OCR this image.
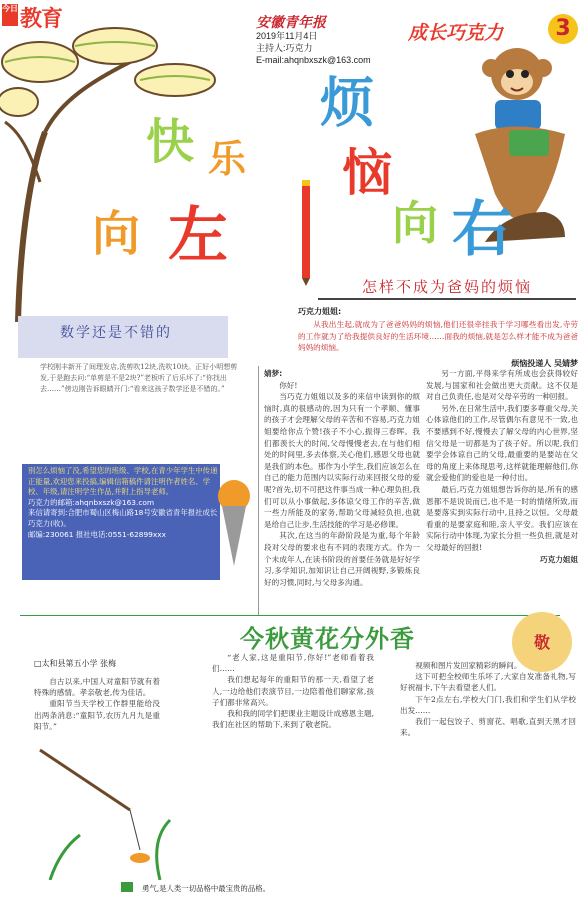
今日 教育	安徽青年报
2019年11月4日
主持人:巧克力
E-mail:ahqnbxszk@163.com
成长巧克力	3
快 乐
向 左
烦
恼
向 右
怎样不成为爸妈的烦恼
巧克力姐姐:

从我出生起,就成为了爸爸妈妈的烦恼,他们还很牵挂我于学习哪些看出发,寺劳的工作就为了给我提供良好的生活环境……面我的烦恼,就是怎么样才能不成为爸爸妈妈的烦恼。

烦恼投递人 吴婧梦
婧梦:

你好!

当巧克力姐姐以及多的来信中读到你的烦恼时,真的很感动的,因为只有一个孝顺、懂事的孩子才会理解父母的辛苦和不容易,巧克力姐姐要给你点个赞!孩子不小心,振得三春晖。我们都羡长大的时间,父母慢慢老去,在与他们相处的时间里,多去体察,关心他们,感恩父母也就是我们的本色。那作为小学生,我们应该怎么在自己的能力范围内以实际行动来回报父母的爱呢?首先,切不可把这件事当成一种心理负担,我们可以从小事做起,多体谅父母工作的辛苦,做一些力所能及的家务,帮助父母减轻负担,也就是给自己让步,生活技能的学习是必修课。

其次,在这当的年龄阶段是为重,每个年龄段对父母的要求也有不同的表现方式。作为一个未成年人,在读书阶段的首要任务就是好好学习,多学知识,加知识让自己开阔视野,多锻炼良好的习惯,同时,与父母多沟通。

另一方面,平得来学有所成也会获得较好发展,与国家和社会做出更大贡献。这不仅是对自己负责任,也是对父母辛劳的一种回报。

另外,在日常生活中,我们要多尊重父母,关心体谅他们的工作,尽管偶尔有意见不一致,也不要感到不好,慢慢去了解父母的内心世界,坚信父母是一切都是为了孩子好。所以呢,我们要学会体谅自己的父母,最重要的是要站在父母的角度上来体现思考,这样就能理解他们,你就会爱他们的爱也是一种付出。

最后,巧克力姐姐想告诉你的是,所有的感恩都不是说说而已,也不是一时的情绪所致,而是要落实到实际行动中,且持之以恒。父母最看重的是要家庭和睦,亲人平安。我们应该在实际行动中体现,为家长分担一些负担,就是对父母最好的回报!

巧克力姐姐
数学还是不错的
学校刚丰新开了间理发店,洗剪吹12块,洗吹10块。正好小明想剪发,于是跑去问:“单剪是不是2块?”老板听了后乐坏了:“你找出去……”傍边刚告诉眼睛开门:“看来这孩子数学还是不错的。”
别怎么烦恼了没,希望您的班级、学校,在青少年学生中传递正能量,欢迎您来投搞,编辑信箱稿件请注明作者姓名、学校、年级,请注明学生作品,并附上指导老师。
巧克力的邮箱:ahqnbxszk@163.com
来信请寄到:合肥市蜀山区梅山路18号安徽省青年报社成长巧克力(收)。
邮编:230061 报社电话:0551-62899xxx
今秋黄花分外香	敬
□太和县第五小学 张梅

自古以来,中国人对童阳节就有着特殊的感情。孝亲敬老,传为佳话。

重阳节当天学校工作群里能给没出两条消息:“童阳节,农历九月九是重阳节。”

“老人家,这是重阳节,你好!”老师看着我们……

我们想起每年的重阳节的那一天,看望了老人,一边给他们表演节目,一边陪着他们聊家常,孩子们都非常高兴。

我和我的同学们把课业主题设计成感恩主题,我们在社区的帮助下,来到了敬老院。

视频和图片发回家精彩的瞬间。

这下可把全校师生乐坏了,大家自发准备礼物,写好祝福卡,下午去看望老人们。

下午2点左右,学校大门门,我们和学生们从学校出发……

我们一起包饺子、剪窗花、唱歌,直到天黑才回来。

勇气,是人类一切品格中最宝贵的品格。
